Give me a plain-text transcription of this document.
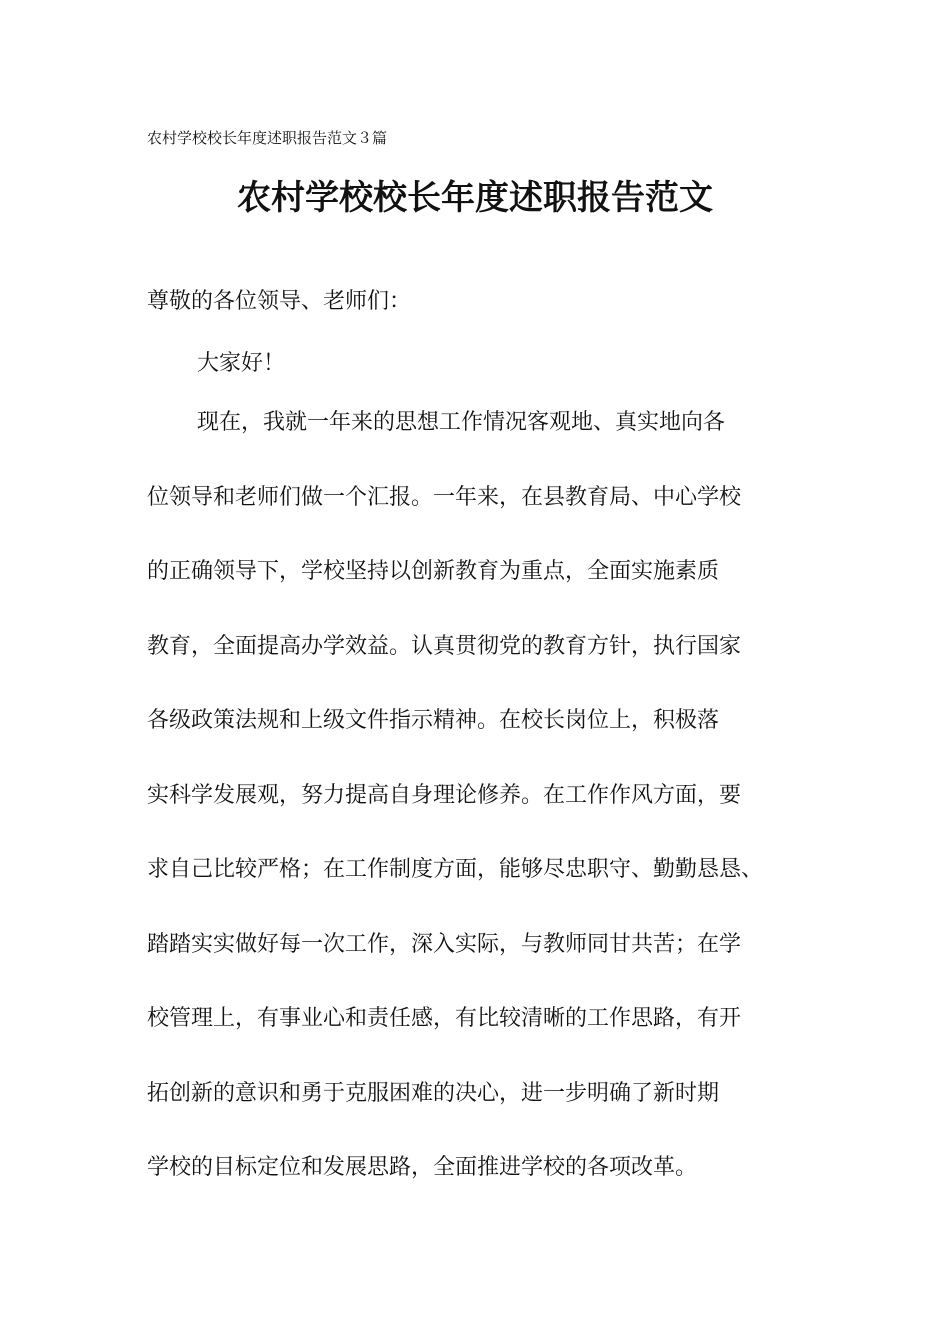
农村学校校长年度述职报告范文３篇
农村学校校长年度述职报告范文
尊敬的各位领导、老师们：
大家好！
现在，我就一年来的思想工作情况客观地、真实地向各
位领导和老师们做一个汇报。一年来，在县教育局、中心学校
的正确领导下，学校坚持以创新教育为重点，全面实施素质
教育，全面提高办学效益。认真贯彻党的教育方针，执行国家
各级政策法规和上级文件指示精神。在校长岗位上，积极落
实科学发展观，努力提高自身理论修养。在工作作风方面，要
求自己比较严格；在工作制度方面，能够尽忠职守、勤勤恳恳、
踏踏实实做好每一次工作，深入实际，与教师同甘共苦；在学
校管理上，有事业心和责任感，有比较清晰的工作思路，有开
拓创新的意识和勇于克服困难的决心，进一步明确了新时期
学校的目标定位和发展思路，全面推进学校的各项改革。
